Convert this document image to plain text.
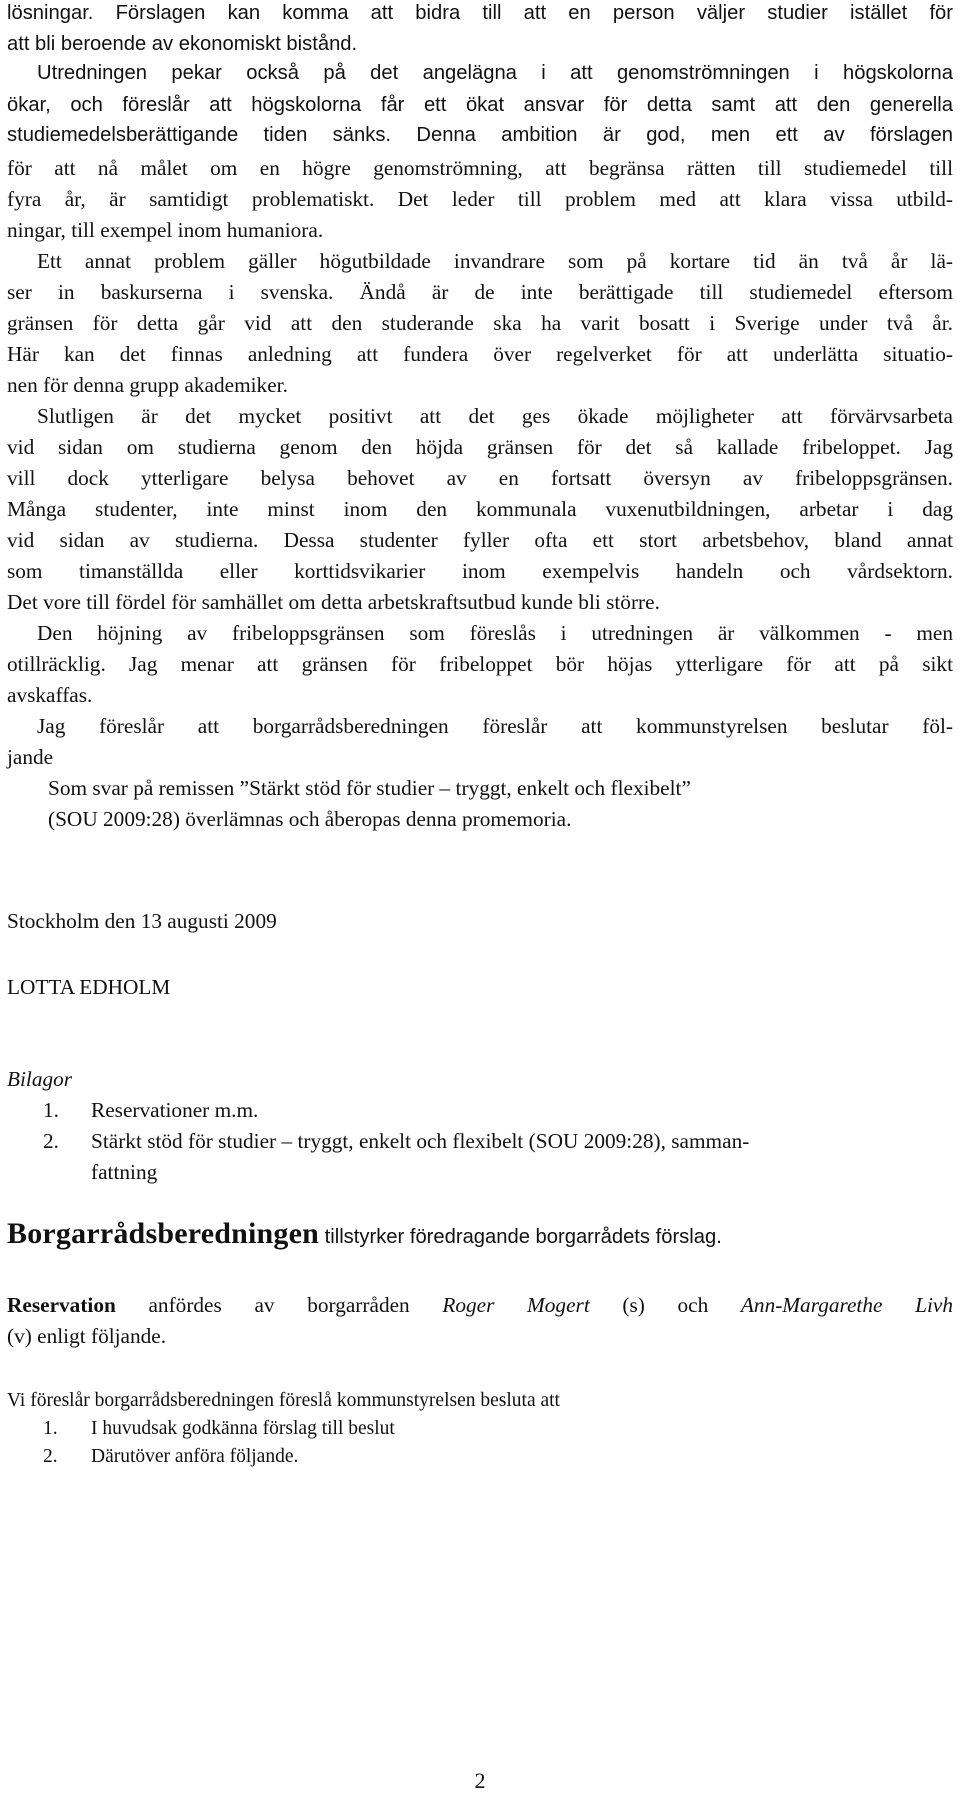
lösningar. Förslagen kan komma att bidra till att en person väljer studier istället för
att bli beroende av ekonomiskt bistånd.
Utredningen pekar också på det angelägna i att genomströmningen i högskolorna
ökar, och föreslår att högskolorna får ett ökat ansvar för detta samt att den generella
studiemedelsberättigande tiden sänks. Denna ambition är god, men ett av förslagen
för att nå målet om en högre genomströmning, att begränsa rätten till studiemedel till
fyra år, är samtidigt problematiskt. Det leder till problem med att klara vissa utbild-
ningar, till exempel inom humaniora.
Ett annat problem gäller högutbildade invandrare som på kortare tid än två år lä-
ser in baskurserna i svenska. Ändå är de inte berättigade till studiemedel eftersom
gränsen för detta går vid att den studerande ska ha varit bosatt i Sverige under två år.
Här kan det finnas anledning att fundera över regelverket för att underlätta situatio-
nen för denna grupp akademiker.
Slutligen är det mycket positivt att det ges ökade möjligheter att förvärvsarbeta
vid sidan om studierna genom den höjda gränsen för det så kallade fribeloppet. Jag
vill dock ytterligare belysa behovet av en fortsatt översyn av fribeloppsgränsen.
Många studenter, inte minst inom den kommunala vuxenutbildningen, arbetar i dag
vid sidan av studierna. Dessa studenter fyller ofta ett stort arbetsbehov, bland annat
som timanställda eller korttidsvikarier inom exempelvis handeln och vårdsektorn.
Det vore till fördel för samhället om detta arbetskraftsutbud kunde bli större.
Den höjning av fribeloppsgränsen som föreslås i utredningen är välkommen - men
otillräcklig. Jag menar att gränsen för fribeloppet bör höjas ytterligare för att på sikt
avskaffas.
Jag föreslår att borgarrådsberedningen föreslår att kommunstyrelsen beslutar föl-
jande
Som svar på remissen ”Stärkt stöd för studier – tryggt, enkelt och flexibelt”
(SOU 2009:28) överlämnas och åberopas denna promemoria.
Stockholm den 13 augusti 2009
LOTTA EDHOLM
Bilagor
1. Reservationer m.m.
2. Stärkt stöd för studier – tryggt, enkelt och flexibelt (SOU 2009:28), samman-
fattning
Borgarrådsberedningen tillstyrker föredragande borgarrådets förslag.
Reservation anfördes av borgarråden Roger Mogert (s) och Ann-Margarethe Livh
(v) enligt följande.
Vi föreslår borgarrådsberedningen föreslå kommunstyrelsen besluta att
1. I huvudsak godkänna förslag till beslut
2. Därutöver anföra följande.
2
